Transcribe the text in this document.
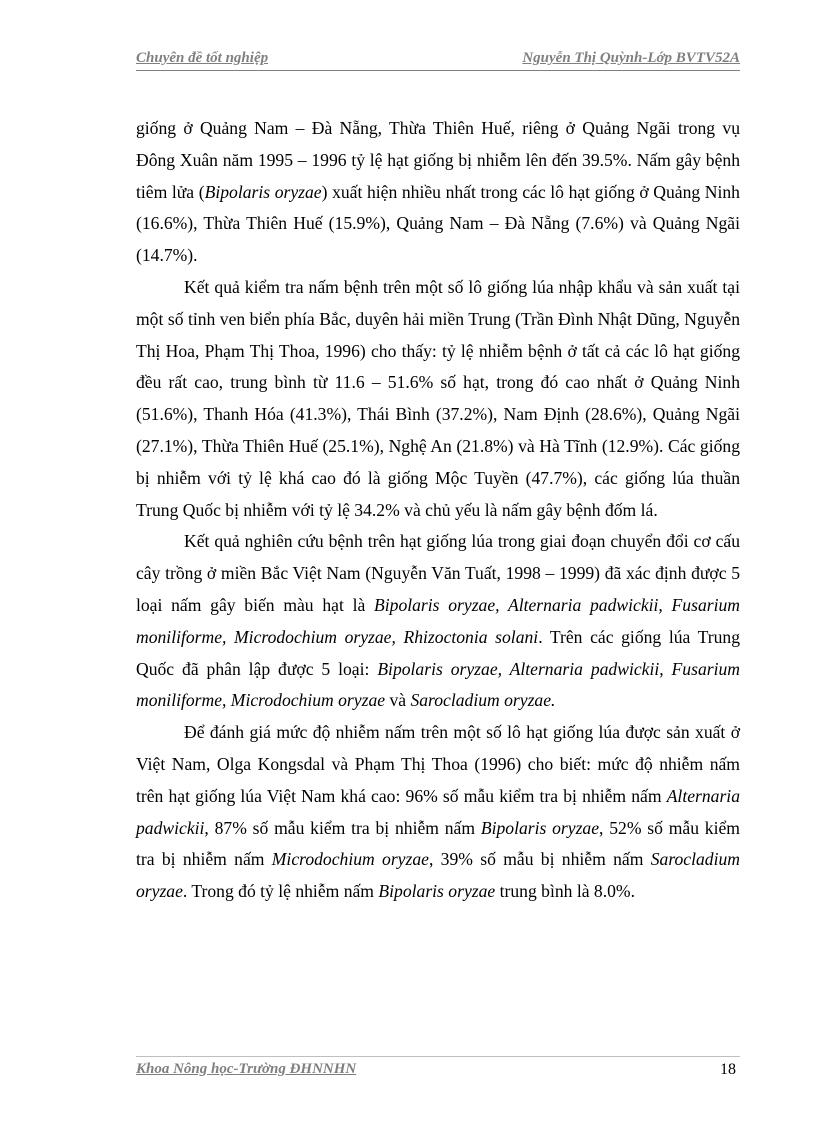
Chuyên đề tốt nghiệp	Nguyễn Thị Quỳnh-Lớp BVTV52A

giống ở Quảng Nam – Đà Nẵng, Thừa Thiên Huế, riêng ở Quảng Ngãi trong vụ Đông Xuân năm 1995 – 1996 tỷ lệ hạt giống bị nhiễm lên đến 39.5%. Nấm gây bệnh tiêm lửa (Bipolaris oryzae) xuất hiện nhiều nhất trong các lô hạt giống ở Quảng Ninh (16.6%), Thừa Thiên Huế (15.9%), Quảng Nam – Đà Nẵng (7.6%) và Quảng Ngãi (14.7%).

Kết quả kiểm tra nấm bệnh trên một số lô giống lúa nhập khẩu và sản xuất tại một số tỉnh ven biển phía Bắc, duyên hải miền Trung (Trần Đình Nhật Dũng, Nguyễn Thị Hoa, Phạm Thị Thoa, 1996) cho thấy: tỷ lệ nhiễm bệnh ở tất cả các lô hạt giống đều rất cao, trung bình từ 11.6 – 51.6% số hạt, trong đó cao nhất ở Quảng Ninh (51.6%), Thanh Hóa (41.3%), Thái Bình (37.2%), Nam Định (28.6%), Quảng Ngãi (27.1%), Thừa Thiên Huế (25.1%), Nghệ An (21.8%) và Hà Tĩnh (12.9%). Các giống bị nhiễm với tỷ lệ khá cao đó là giống Mộc Tuyền (47.7%), các giống lúa thuần Trung Quốc bị nhiễm với tỷ lệ 34.2% và chủ yếu là nấm gây bệnh đốm lá.

Kết quả nghiên cứu bệnh trên hạt giống lúa trong giai đoạn chuyển đổi cơ cấu cây trồng ở miền Bắc Việt Nam (Nguyễn Văn Tuất, 1998 – 1999) đã xác định được 5 loại nấm gây biến màu hạt là Bipolaris oryzae, Alternaria padwickii, Fusarium moniliforme, Microdochium oryzae, Rhizoctonia solani. Trên các giống lúa Trung Quốc đã phân lập được 5 loại: Bipolaris oryzae, Alternaria padwickii, Fusarium moniliforme, Microdochium oryzae và Sarocladium oryzae.

Để đánh giá mức độ nhiễm nấm trên một số lô hạt giống lúa được sản xuất ở Việt Nam, Olga Kongsdal và Phạm Thị Thoa (1996) cho biết: mức độ nhiễm nấm trên hạt giống lúa Việt Nam khá cao: 96% số mẫu kiểm tra bị nhiễm nấm Alternaria padwickii, 87% số mẫu kiểm tra bị nhiễm nấm Bipolaris oryzae, 52% số mẫu kiểm tra bị nhiễm nấm Microdochium oryzae, 39% số mẫu bị nhiễm nấm Sarocladium oryzae. Trong đó tỷ lệ nhiễm nấm Bipolaris oryzae trung bình là 8.0%.

Khoa Nông học-Trường ĐHNNHN	18
